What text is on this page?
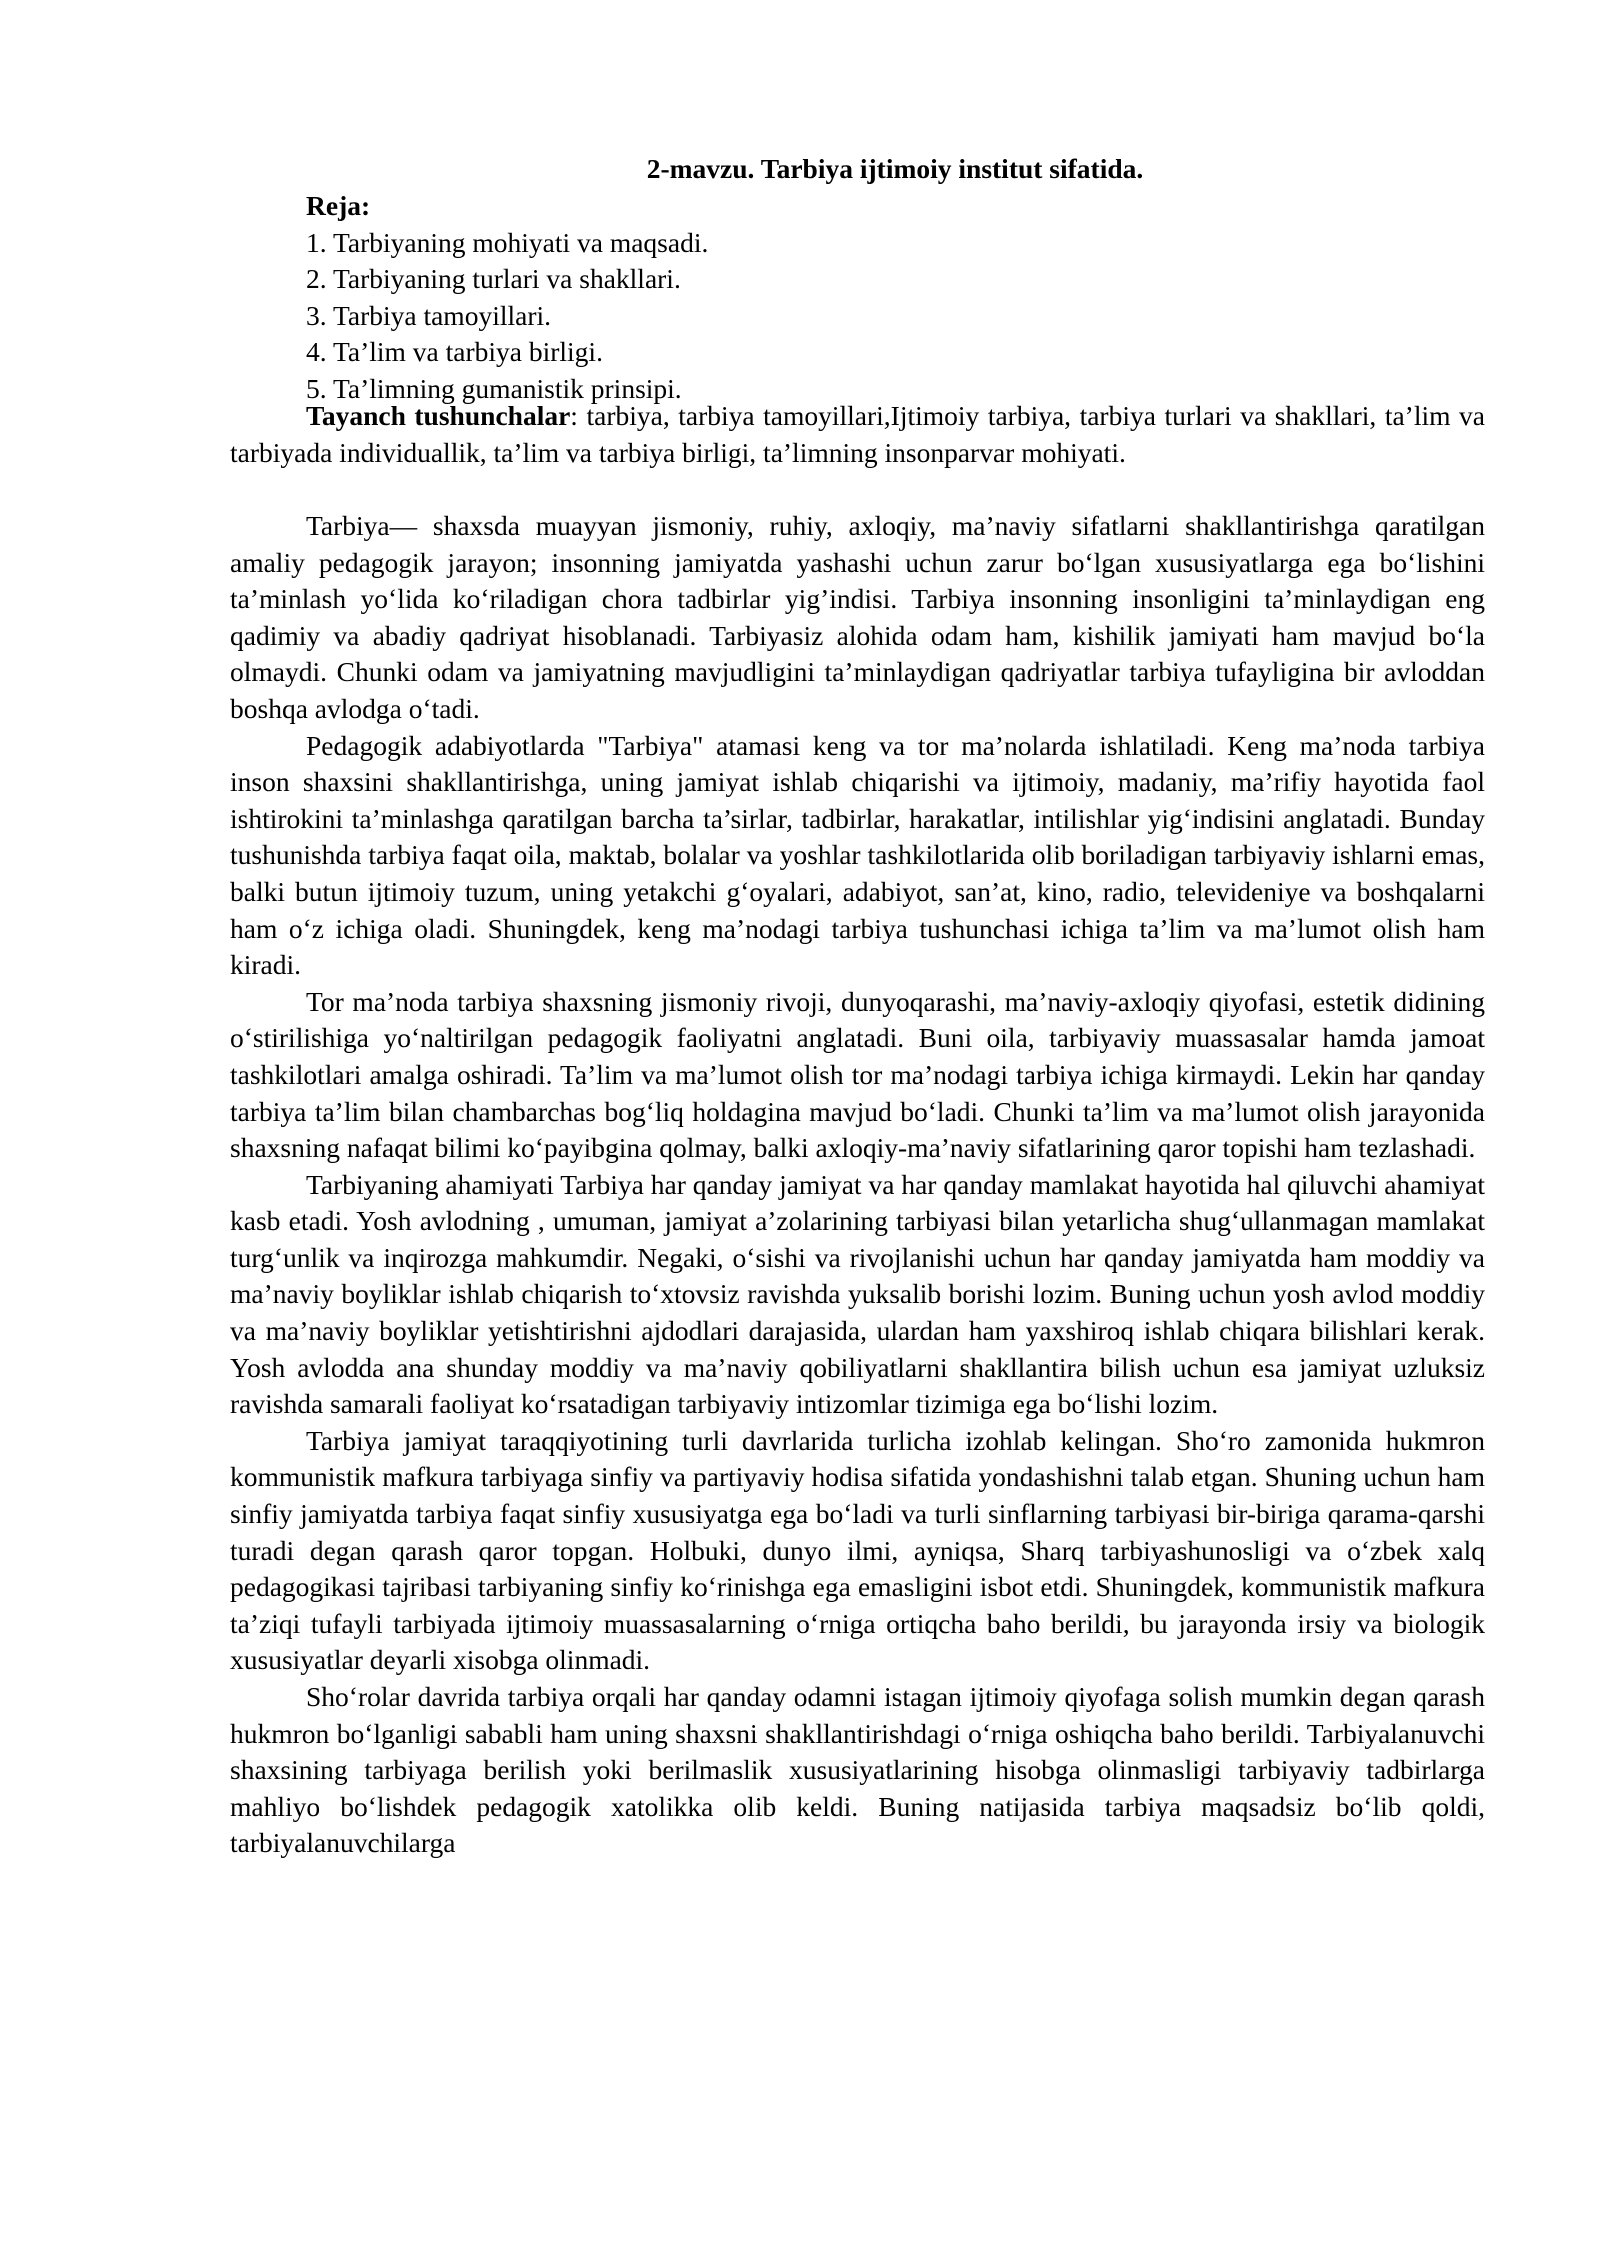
2-mavzu. Tarbiya ijtimoiy institut sifatida.
Reja:
1. Tarbiyaning mohiyati va maqsadi.
2. Tarbiyaning turlari va shakllari.
3. Tarbiya tamoyillari.
4. Ta’lim va tarbiya birligi.
5. Ta’limning gumanistik prinsipi.

Tayanch tushunchalar: tarbiya, tarbiya tamoyillari,Ijtimoiy tarbiya, tarbiya turlari va shakllari, ta’lim va tarbiyada individuallik, ta’lim va tarbiya birligi, ta’limning insonparvar mohiyati.

Tarbiya— shaxsda muayyan jismoniy, ruhiy, axloqiy, ma’naviy sifatlarni shakllantirishga qaratilgan amaliy pedagogik jarayon; insonning jamiyatda yashashi uchun zarur bo‘lgan xususiyatlarga ega bo‘lishini ta’minlash yo‘lida ko‘riladigan chora tadbirlar yig’indisi. Tarbiya insonning insonligini ta’minlaydigan eng qadimiy va abadiy qadriyat hisoblanadi. Tarbiyasiz alohida odam ham, kishilik jamiyati ham mavjud bo‘la olmaydi. Chunki odam va jamiyatning mavjudligini ta’minlaydigan qadriyatlar tarbiya tufayligina bir avloddan boshqa avlodga o‘tadi.

Pedagogik adabiyotlarda "Tarbiya" atamasi keng va tor ma’nolarda ishlatiladi. Keng ma’noda tarbiya inson shaxsini shakllantirishga, uning jamiyat ishlab chiqarishi va ijtimoiy, madaniy, ma’rifiy hayotida faol ishtirokini ta’minlashga qaratilgan barcha ta’sirlar, tadbirlar, harakatlar, intilishlar yig‘indisini anglatadi. Bunday tushunishda tarbiya faqat oila, maktab, bolalar va yoshlar tashkilotlarida olib boriladigan tarbiyaviy ishlarni emas, balki butun ijtimoiy tuzum, uning yetakchi g‘oyalari, adabiyot, san’at, kino, radio, televideniye va boshqalarni ham o‘z ichiga oladi. Shuningdek, keng ma’nodagi tarbiya tushunchasi ichiga ta’lim va ma’lumot olish ham kiradi.

Tor ma’noda tarbiya shaxsning jismoniy rivoji, dunyoqarashi, ma’naviy-axloqiy qiyofasi, estetik didining o‘stirilishiga yo‘naltirilgan pedagogik faoliyatni anglatadi. Buni oila, tarbiyaviy muassasalar hamda jamoat tashkilotlari amalga oshiradi. Ta’lim va ma’lumot olish tor ma’nodagi tarbiya ichiga kirmaydi. Lekin har qanday tarbiya ta’lim bilan chambarchas bog‘liq holdagina mavjud bo‘ladi. Chunki ta’lim va ma’lumot olish jarayonida shaxsning nafaqat bilimi ko‘payibgina qolmay, balki axloqiy-ma’naviy sifatlarining qaror topishi ham tezlashadi.

Tarbiyaning ahamiyati Tarbiya har qanday jamiyat va har qanday mamlakat hayotida hal qiluvchi ahamiyat kasb etadi. Yosh avlodning , umuman, jamiyat a’zolarining tarbiyasi bilan yetarlicha shug‘ullanmagan mamlakat turg‘unlik va inqirozga mahkumdir. Negaki, o‘sishi va rivojlanishi uchun har qanday jamiyatda ham moddiy va ma’naviy boyliklar ishlab chiqarish to‘xtovsiz ravishda yuksalib borishi lozim. Buning uchun yosh avlod moddiy va ma’naviy boyliklar yetishtirishni ajdodlari darajasida, ulardan ham yaxshiroq ishlab chiqara bilishlari kerak. Yosh avlodda ana shunday moddiy va ma’naviy qobiliyatlarni shakllantira bilish uchun esa jamiyat uzluksiz ravishda samarali faoliyat ko‘rsatadigan tarbiyaviy intizomlar tizimiga ega bo‘lishi lozim.

Tarbiya jamiyat taraqqiyotining turli davrlarida turlicha izohlab kelingan. Sho‘ro zamonida hukmron kommunistik mafkura tarbiyaga sinfiy va partiyaviy hodisa sifatida yondashishni talab etgan. Shuning uchun ham sinfiy jamiyatda tarbiya faqat sinfiy xususiyatga ega bo‘ladi va turli sinflarning tarbiyasi bir-biriga qarama-qarshi turadi degan qarash qaror topgan. Holbuki, dunyo ilmi, ayniqsa, Sharq tarbiyashunosligi va o‘zbek xalq pedagogikasi tajribasi tarbiyaning sinfiy ko‘rinishga ega emasligini isbot etdi. Shuningdek, kommunistik mafkura ta’ziqi tufayli tarbiyada ijtimoiy muassasalarning o‘rniga ortiqcha baho berildi, bu jarayonda irsiy va biologik xususiyatlar deyarli xisobga olinmadi.

Sho‘rolar davrida tarbiya orqali har qanday odamni istagan ijtimoiy qiyofaga solish mumkin degan qarash hukmron bo‘lganligi sababli ham uning shaxsni shakllantirishdagi o‘rniga oshiqcha baho berildi. Tarbiyalanuvchi shaxsining tarbiyaga berilish yoki berilmaslik xususiyatlarining hisobga olinmasligi tarbiyaviy tadbirlarga mahliyo bo‘lishdek pedagogik xatolikka olib keldi. Buning natijasida tarbiya maqsadsiz bo‘lib qoldi, tarbiyalanuvchilarga
